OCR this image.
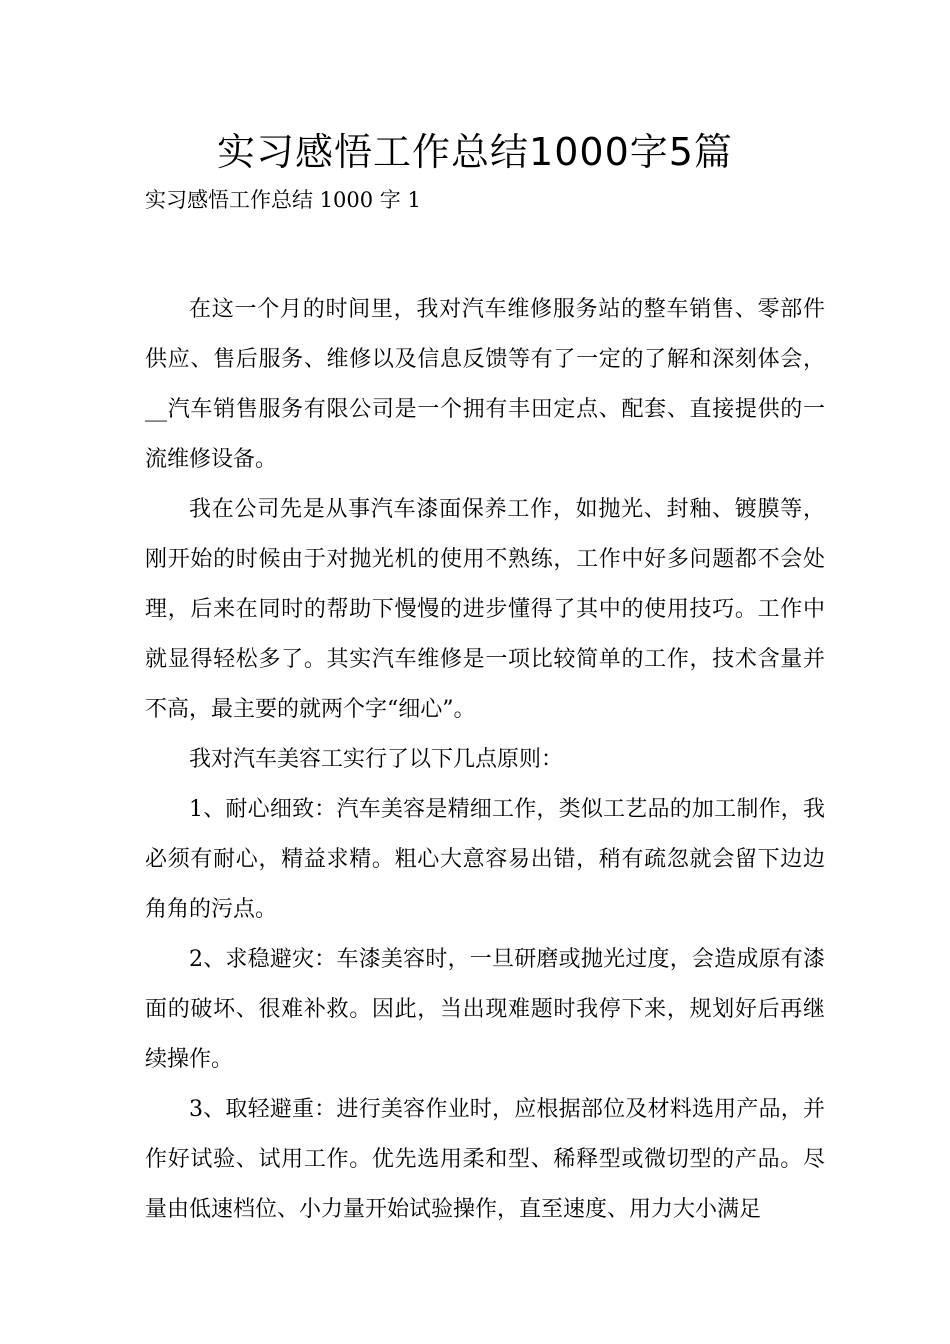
实习感悟工作总结1000字5篇
实习感悟工作总结 1000 字 1

在这一个月的时间里，我对汽车维修服务站的整车销售、零部件供应、售后服务、维修以及信息反馈等有了一定的了解和深刻体会，__汽车销售服务有限公司是一个拥有丰田定点、配套、直接提供的一流维修设备。

我在公司先是从事汽车漆面保养工作，如抛光、封釉、镀膜等，刚开始的时候由于对抛光机的使用不熟练，工作中好多问题都不会处理，后来在同时的帮助下慢慢的进步懂得了其中的使用技巧。工作中就显得轻松多了。其实汽车维修是一项比较简单的工作，技术含量并不高，最主要的就两个字“细心”。

我对汽车美容工实行了以下几点原则：

1、耐心细致：汽车美容是精细工作，类似工艺品的加工制作，我必须有耐心，精益求精。粗心大意容易出错，稍有疏忽就会留下边边角角的污点。

2、求稳避灾：车漆美容时，一旦研磨或抛光过度，会造成原有漆面的破坏、很难补救。因此，当出现难题时我停下来，规划好后再继续操作。

3、取轻避重：进行美容作业时，应根据部位及材料选用产品，并作好试验、试用工作。优先选用柔和型、稀释型或微切型的产品。尽量由低速档位、小力量开始试验操作，直至速度、用力大小满足
